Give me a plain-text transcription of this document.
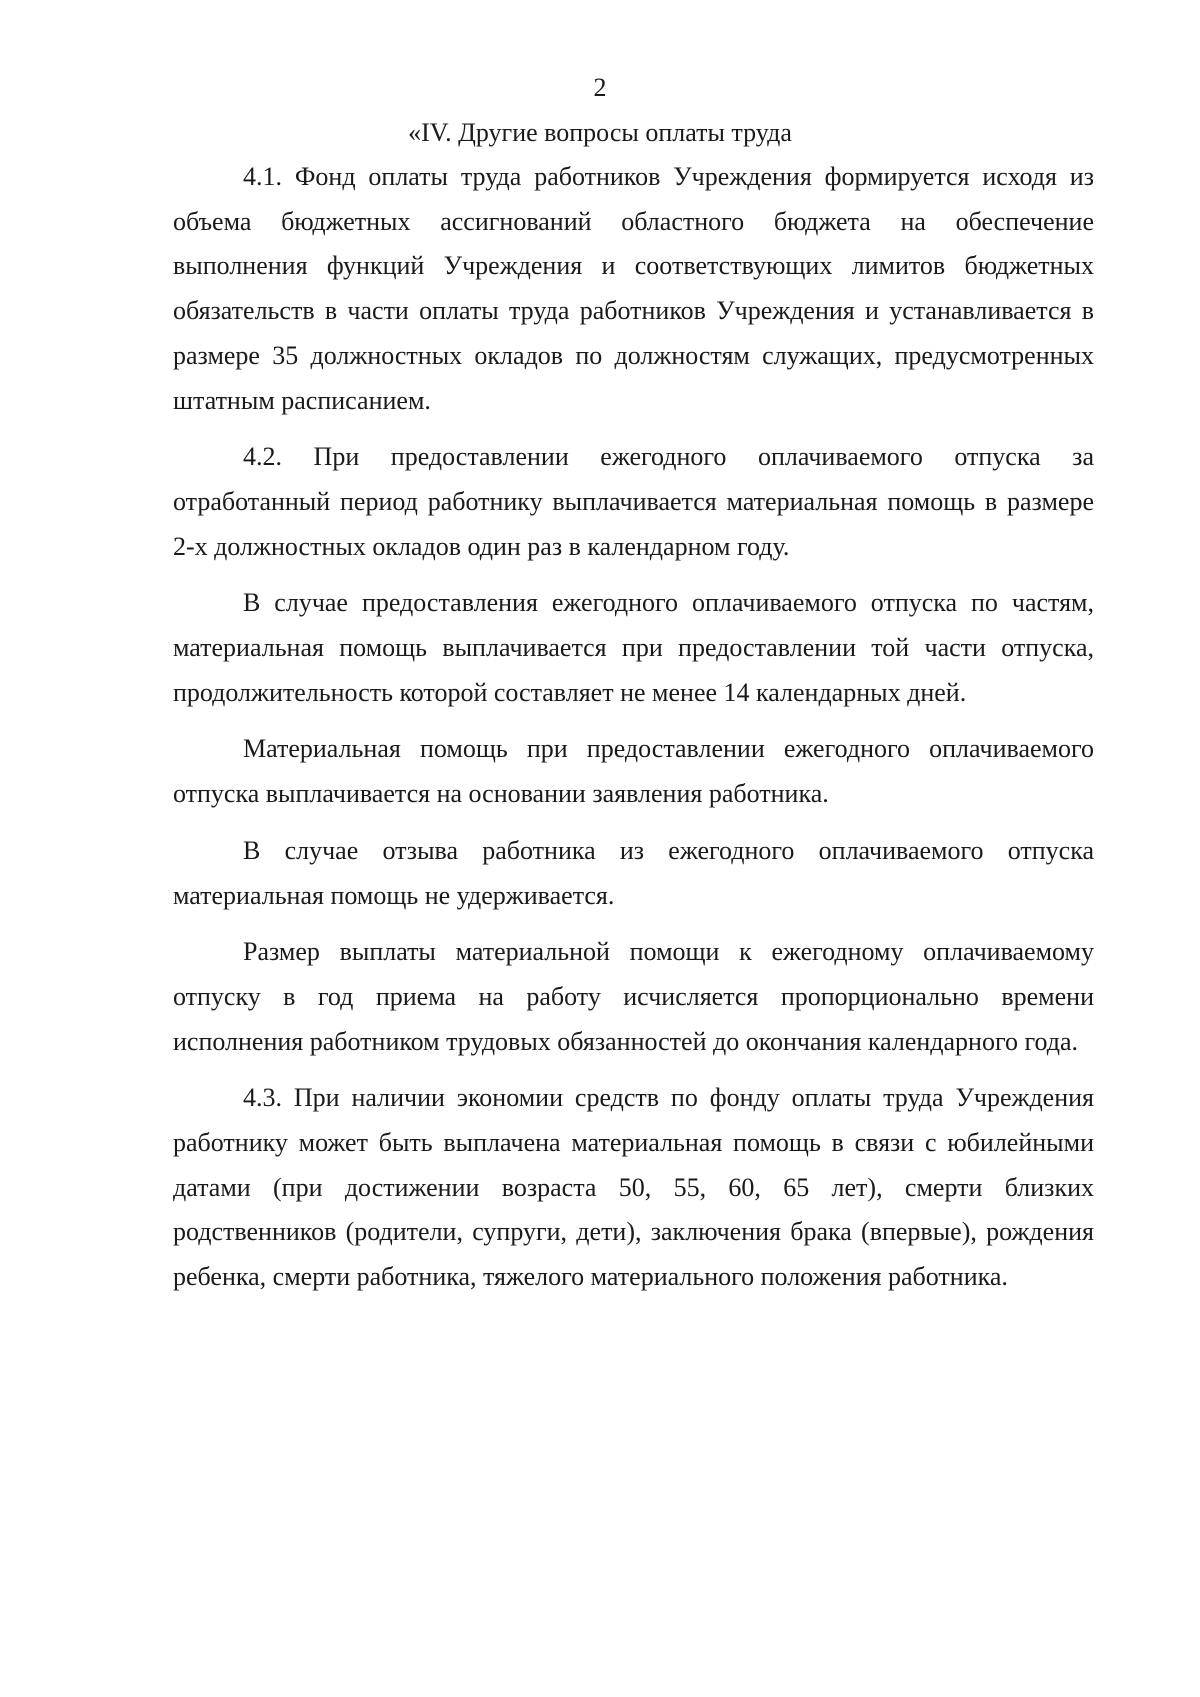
2
«IV. Другие вопросы оплаты труда

4.1. Фонд оплаты труда работников Учреждения формируется исходя из объема бюджетных ассигнований областного бюджета на обеспечение выполнения функций Учреждения и соответствующих лимитов бюджетных обязательств в части оплаты труда работников Учреждения и устанавливается в размере 35 должностных окладов по должностям служащих, предусмотренных штатным расписанием.

4.2. При предоставлении ежегодного оплачиваемого отпуска за отработанный период работнику выплачивается материальная помощь в размере 2-х должностных окладов один раз в календарном году.

В случае предоставления ежегодного оплачиваемого отпуска по частям, материальная помощь выплачивается при предоставлении той части отпуска, продолжительность которой составляет не менее 14 календарных дней.

Материальная помощь при предоставлении ежегодного оплачиваемого отпуска выплачивается на основании заявления работника.

В случае отзыва работника из ежегодного оплачиваемого отпуска материальная помощь не удерживается.

Размер выплаты материальной помощи к ежегодному оплачиваемому отпуску в год приема на работу исчисляется пропорционально времени исполнения работником трудовых обязанностей до окончания календарного года.

4.3. При наличии экономии средств по фонду оплаты труда Учреждения работнику может быть выплачена материальная помощь в связи с юбилейными датами (при достижении возраста 50, 55, 60, 65 лет), смерти близких родственников (родители, супруги, дети), заключения брака (впервые), рождения ребенка, смерти работника, тяжелого материального положения работника.
